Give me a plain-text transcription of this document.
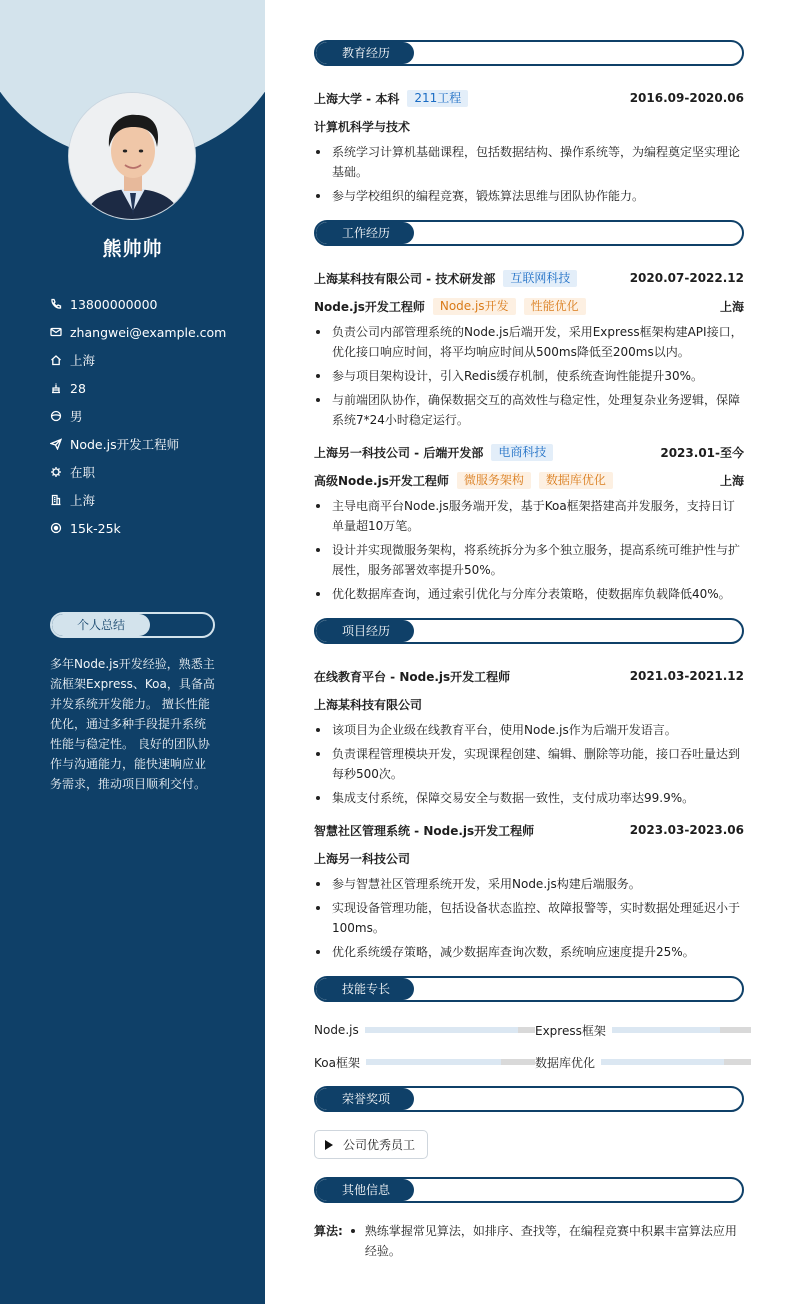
熊帅帅
13800000000
zhangwei@example.com
上海
28
男
Node.js开发工程师
在职
上海
15k-25k
个人总结
多年Node.js开发经验，熟悉主流框架Express、Koa，具备高并发系统开发能力。 擅长性能优化，通过多种手段提升系统性能与稳定性。 良好的团队协作与沟通能力，能快速响应业务需求，推动项目顺利交付。
教育经历
上海大学 - 本科	211工程	2016.09-2020.06
计算机科学与技术
系统学习计算机基础课程，包括数据结构、操作系统等，为编程奠定坚实理论基础。
参与学校组织的编程竞赛，锻炼算法思维与团队协作能力。
工作经历
上海某科技有限公司 - 技术研发部	互联网科技	2020.07-2022.12
Node.js开发工程师	Node.js开发	性能优化	上海
负责公司内部管理系统的Node.js后端开发，采用Express框架构建API接口，优化接口响应时间，将平均响应时间从500ms降低至200ms以内。
参与项目架构设计，引入Redis缓存机制，使系统查询性能提升30%。
与前端团队协作，确保数据交互的高效性与稳定性，处理复杂业务逻辑，保障系统7*24小时稳定运行。
上海另一科技公司 - 后端开发部	电商科技	2023.01-至今
高级Node.js开发工程师	微服务架构	数据库优化	上海
主导电商平台Node.js服务端开发，基于Koa框架搭建高并发服务，支持日订单量超10万笔。
设计并实现微服务架构，将系统拆分为多个独立服务，提高系统可维护性与扩展性，服务部署效率提升50%。
优化数据库查询，通过索引优化与分库分表策略，使数据库负载降低40%。
项目经历
在线教育平台 - Node.js开发工程师	2021.03-2021.12
上海某科技有限公司
该项目为企业级在线教育平台，使用Node.js作为后端开发语言。
负责课程管理模块开发，实现课程创建、编辑、删除等功能，接口吞吐量达到每秒500次。
集成支付系统，保障交易安全与数据一致性，支付成功率达99.9%。
智慧社区管理系统 - Node.js开发工程师	2023.03-2023.06
上海另一科技公司
参与智慧社区管理系统开发，采用Node.js构建后端服务。
实现设备管理功能，包括设备状态监控、故障报警等，实时数据处理延迟小于100ms。
优化系统缓存策略，减少数据库查询次数，系统响应速度提升25%。
技能专长
Node.js	Express框架
Koa框架	数据库优化
荣誉奖项
公司优秀员工
其他信息
算法:	熟练掌握常见算法，如排序、查找等，在编程竞赛中积累丰富算法应用经验。
